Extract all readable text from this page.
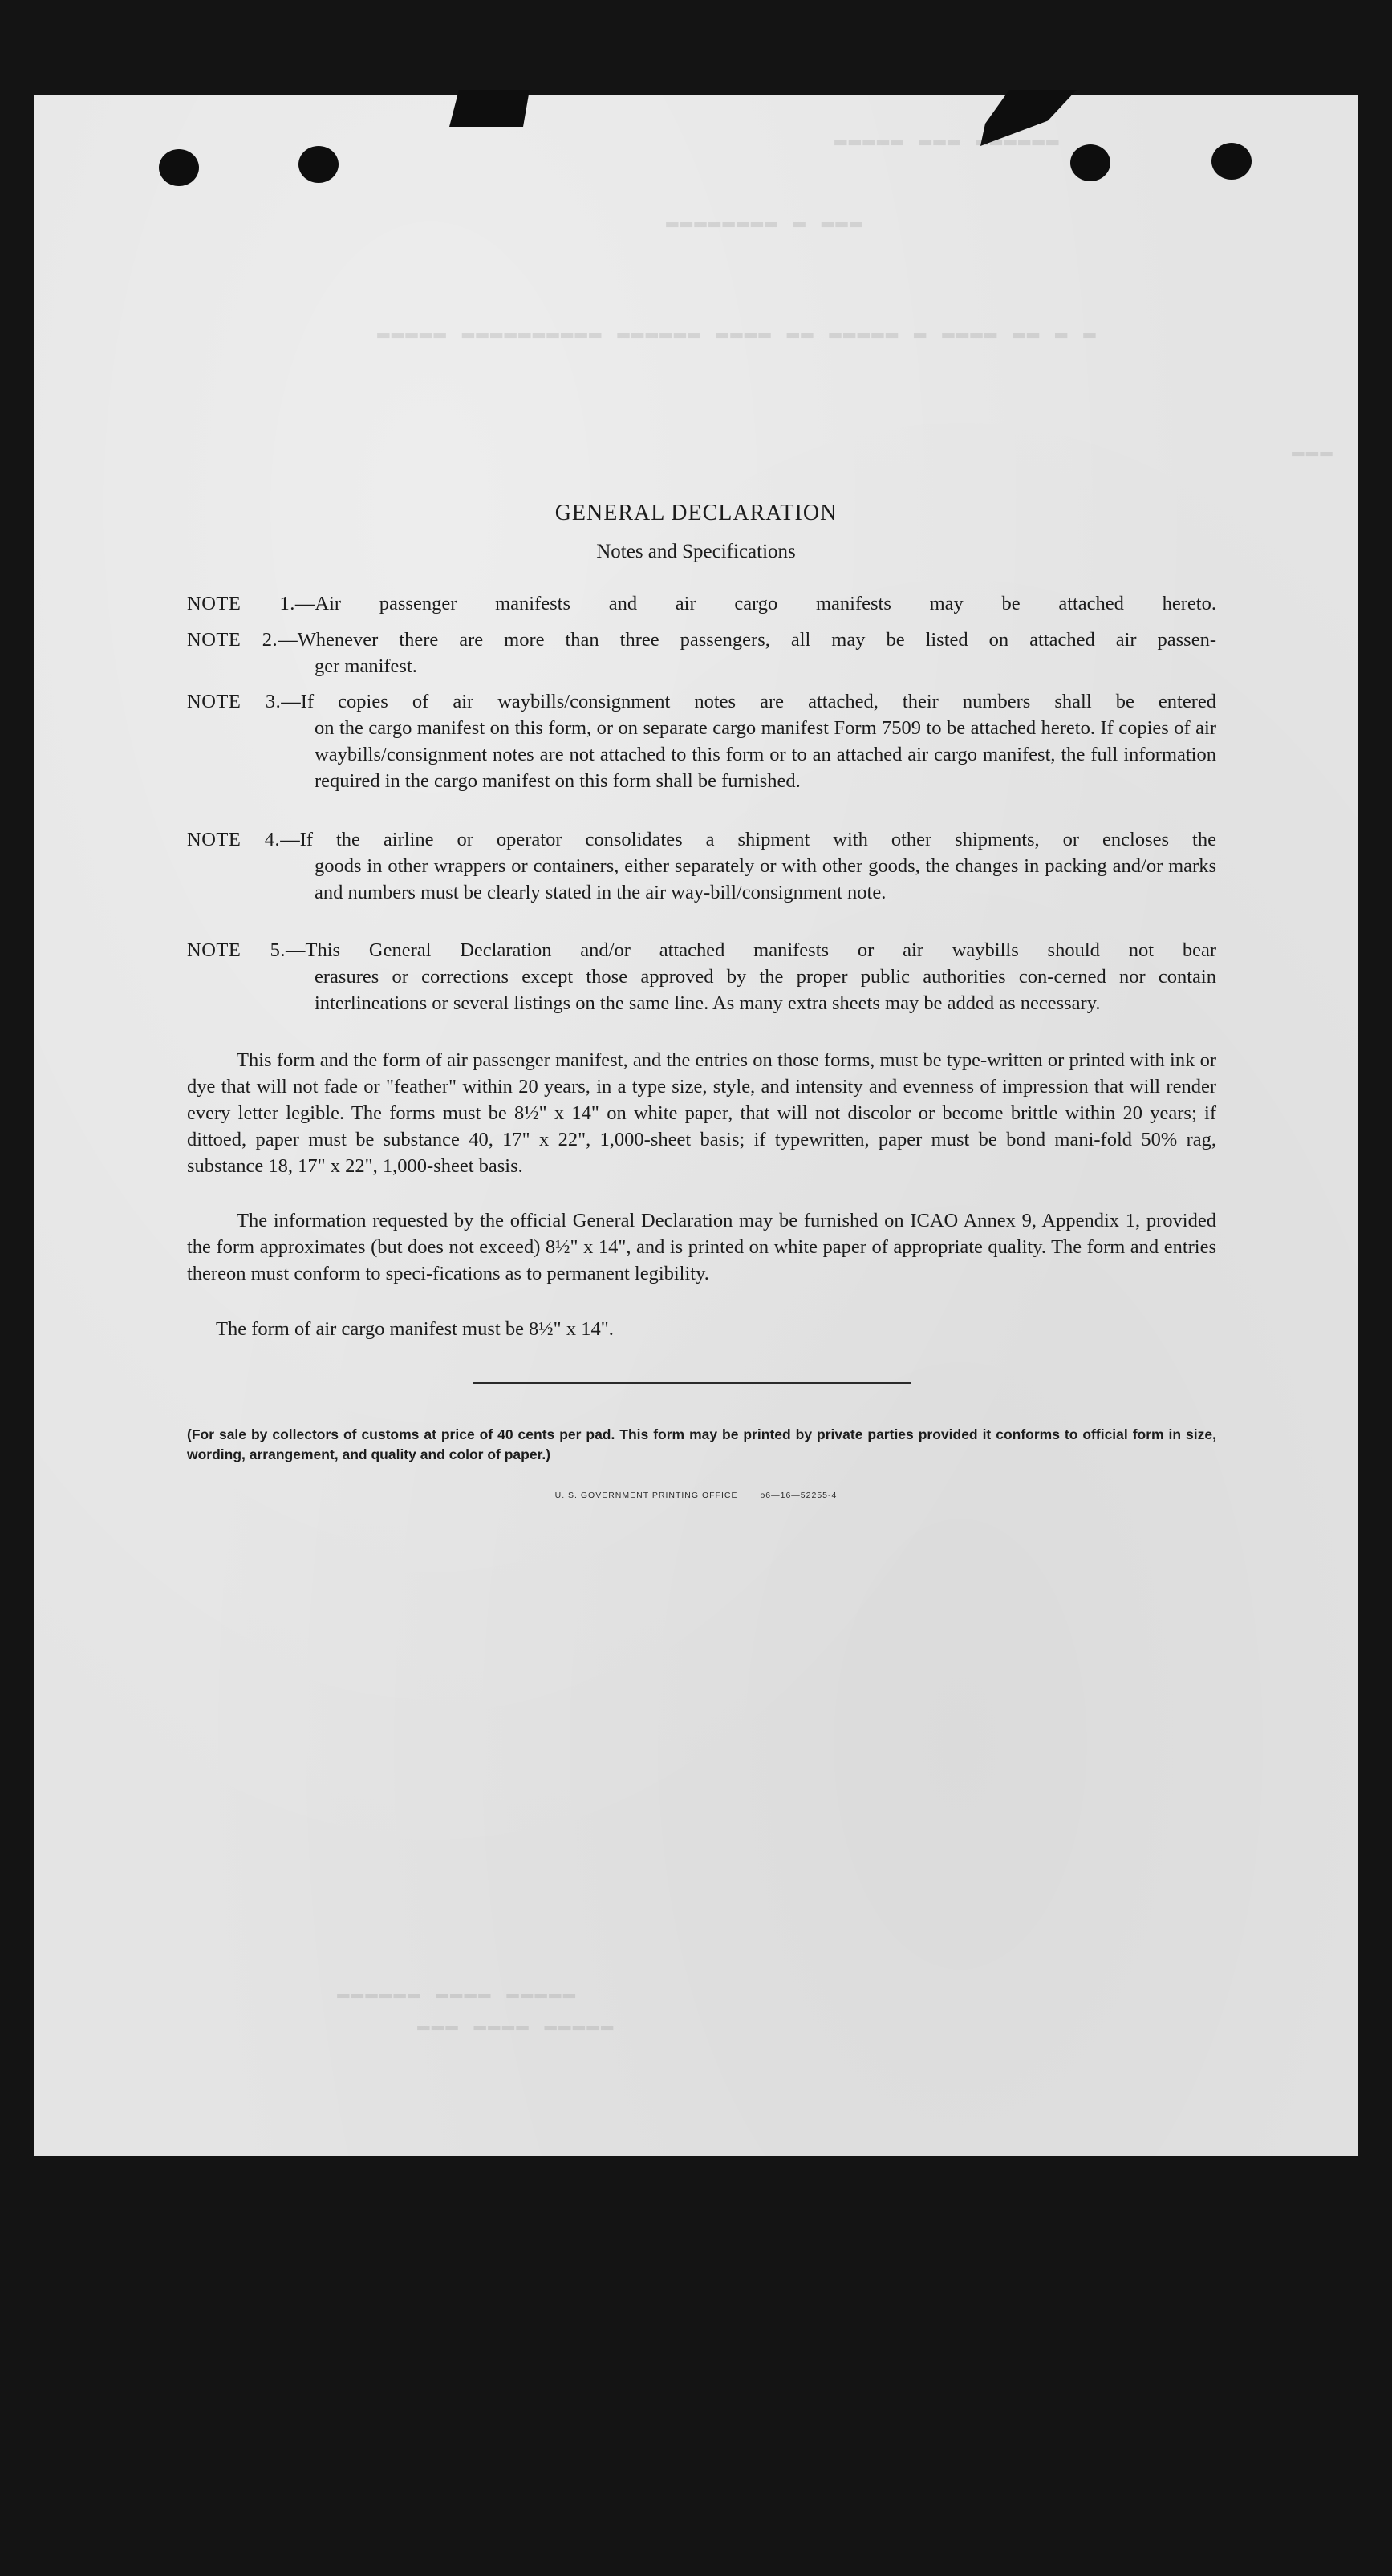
▬▬▬▬▬ ▬▬▬ ▬▬▬▬▬▬
▬▬▬▬▬▬▬▬ ▬ ▬▬▬
▬▬▬▬▬ ▬▬▬▬▬▬▬▬▬▬ ▬▬▬▬▬▬ ▬▬▬▬ ▬▬ ▬▬▬▬▬ ▬ ▬▬▬▬ ▬▬ ▬ ▬
▬▬▬
▬▬▬▬▬▬ ▬▬▬▬ ▬▬▬▬▬
▬▬▬ ▬▬▬▬ ▬▬▬▬▬
GENERAL DECLARATION
Notes and Specifications
NOTE 1.—Air passenger manifests and air cargo manifests may be attached hereto.
NOTE 2.—Whenever there are more than three passengers, all may be listed on attached air passen-
ger manifest.
NOTE 3.—If copies of air waybills/consignment notes are attached, their numbers shall be entered
on the cargo manifest on this form, or on separate cargo manifest Form 7509 to be attached hereto. If copies of air waybills/consignment notes are not attached to this form or to an attached air cargo manifest, the full information required in the cargo manifest on this form shall be furnished.
NOTE 4.—If the airline or operator consolidates a shipment with other shipments, or encloses the
goods in other wrappers or containers, either separately or with other goods, the changes in packing and/or marks and numbers must be clearly stated in the air way-bill/consignment note.
NOTE 5.—This General Declaration and/or attached manifests or air waybills should not bear
erasures or corrections except those approved by the proper public authorities con-cerned nor contain interlineations or several listings on the same line. As many extra sheets may be added as necessary.
This form and the form of air passenger manifest, and the entries on those forms, must be type-written or printed with ink or dye that will not fade or "feather" within 20 years, in a type size, style, and intensity and evenness of impression that will render every letter legible. The forms must be 8½" x 14" on white paper, that will not discolor or become brittle within 20 years; if dittoed, paper must be substance 40, 17" x 22", 1,000-sheet basis; if typewritten, paper must be bond mani-fold 50% rag, substance 18, 17" x 22", 1,000-sheet basis.
The information requested by the official General Declaration may be furnished on ICAO Annex 9, Appendix 1, provided the form approximates (but does not exceed) 8½" x 14", and is printed on white paper of appropriate quality. The form and entries thereon must conform to speci-fications as to permanent legibility.
The form of air cargo manifest must be 8½" x 14".
(For sale by collectors of customs at price of 40 cents per pad. This form may be printed by private parties provided it conforms to official form in size, wording, arrangement, and quality and color of paper.)
U. S. GOVERNMENT PRINTING OFFICE	o6—16—52255-4
